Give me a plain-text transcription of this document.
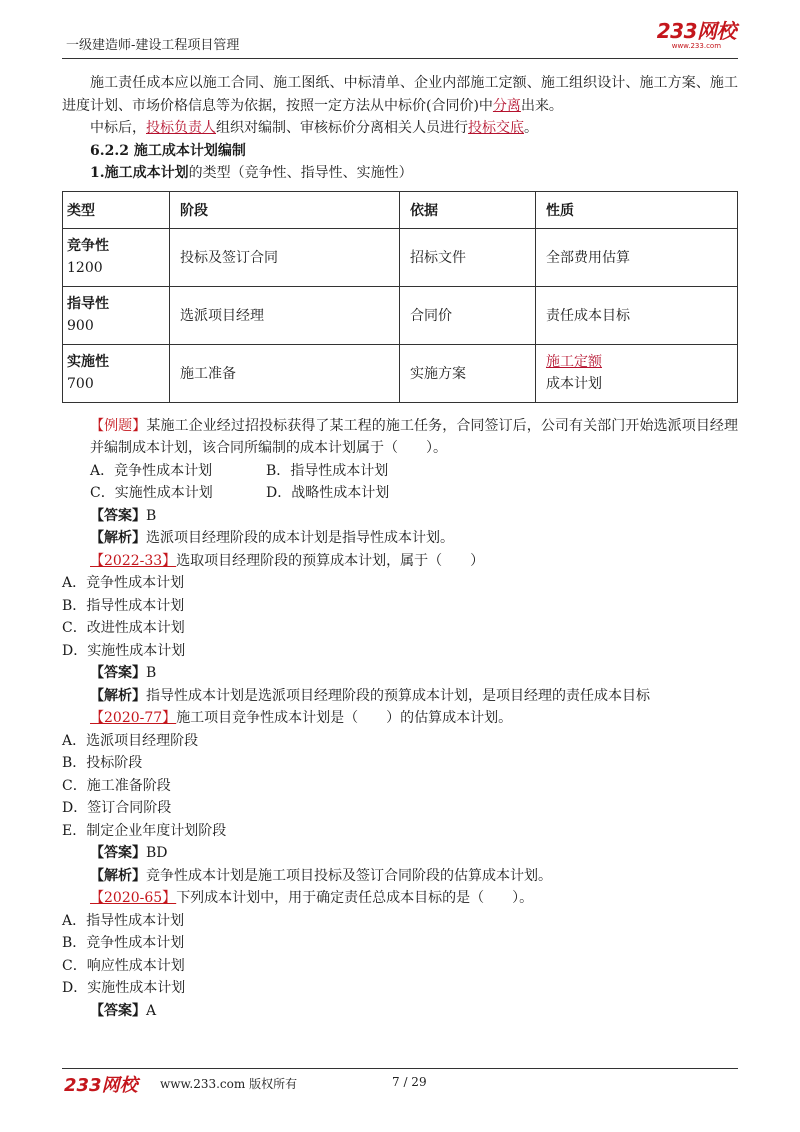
一级建造师-建设工程项目管理
233网校
www.233.com

施工责任成本应以施工合同、施工图纸、中标清单、企业内部施工定额、施工组织设计、施工方案、施工进度计划、市场价格信息等为依据，按照一定方法从中标价(合同价)中分离出来。

中标后，投标负责人组织对编制、审核标价分离相关人员进行投标交底。

6.2.2 施工成本计划编制

1.施工成本计划的类型（竞争性、指导性、实施性）

类型	阶段	依据	性质

竞争性
1200	投标及签订合同	招标文件	全部费用估算

指导性
900	选派项目经理	合同价	责任成本目标

实施性
700	施工准备	实施方案	施工定额
成本计划

【例题】某施工企业经过招投标获得了某工程的施工任务，合同签订后，公司有关部门开始选派项目经理并编制成本计划，该合同所编制的成本计划属于（　　）。

A．竞争性成本计划	B．指导性成本计划

C．实施性成本计划	D．战略性成本计划

【答案】B

【解析】选派项目经理阶段的成本计划是指导性成本计划。

【2022-33】选取项目经理阶段的预算成本计划，属于（　　）

A．竞争性成本计划

B．指导性成本计划

C．改进性成本计划

D．实施性成本计划

【答案】B

【解析】指导性成本计划是选派项目经理阶段的预算成本计划，是项目经理的责任成本目标

【2020-77】施工项目竞争性成本计划是（　　）的估算成本计划。

A．选派项目经理阶段

B．投标阶段

C．施工准备阶段

D．签订合同阶段

E．制定企业年度计划阶段

【答案】BD

【解析】竞争性成本计划是施工项目投标及签订合同阶段的估算成本计划。

【2020-65】下列成本计划中，用于确定责任总成本目标的是（　　）。

A．指导性成本计划

B．竞争性成本计划

C．响应性成本计划

D．实施性成本计划

【答案】A

233网校 www.233.com 版权所有	7 / 29
